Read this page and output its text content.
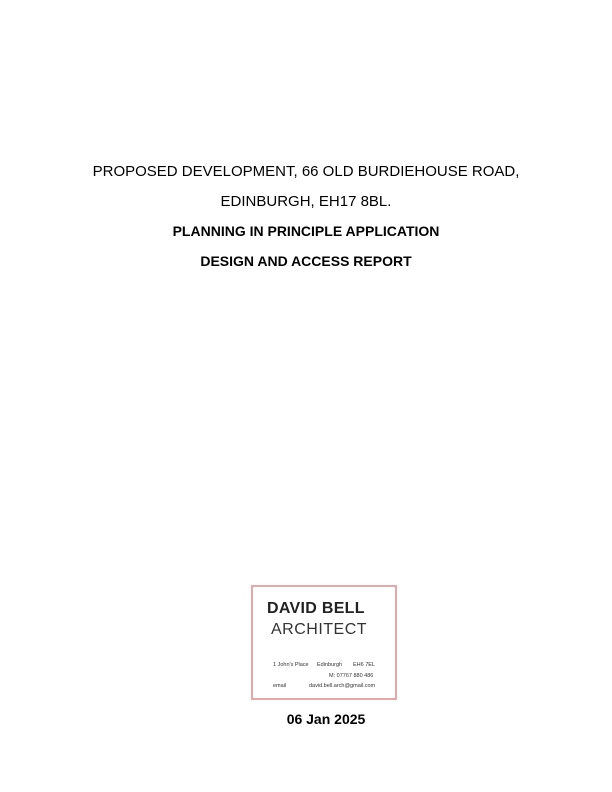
PROPOSED DEVELOPMENT, 66 OLD BURDIEHOUSE ROAD,
EDINBURGH, EH17 8BL.
PLANNING IN PRINCIPLE APPLICATION
DESIGN AND ACCESS REPORT
DAVID BELL
ARCHITECT
1 John's Place Edinburgh EH6 7EL
M: 07767 880 486
email	david.bell.arch@gmail.com
06 Jan 2025
